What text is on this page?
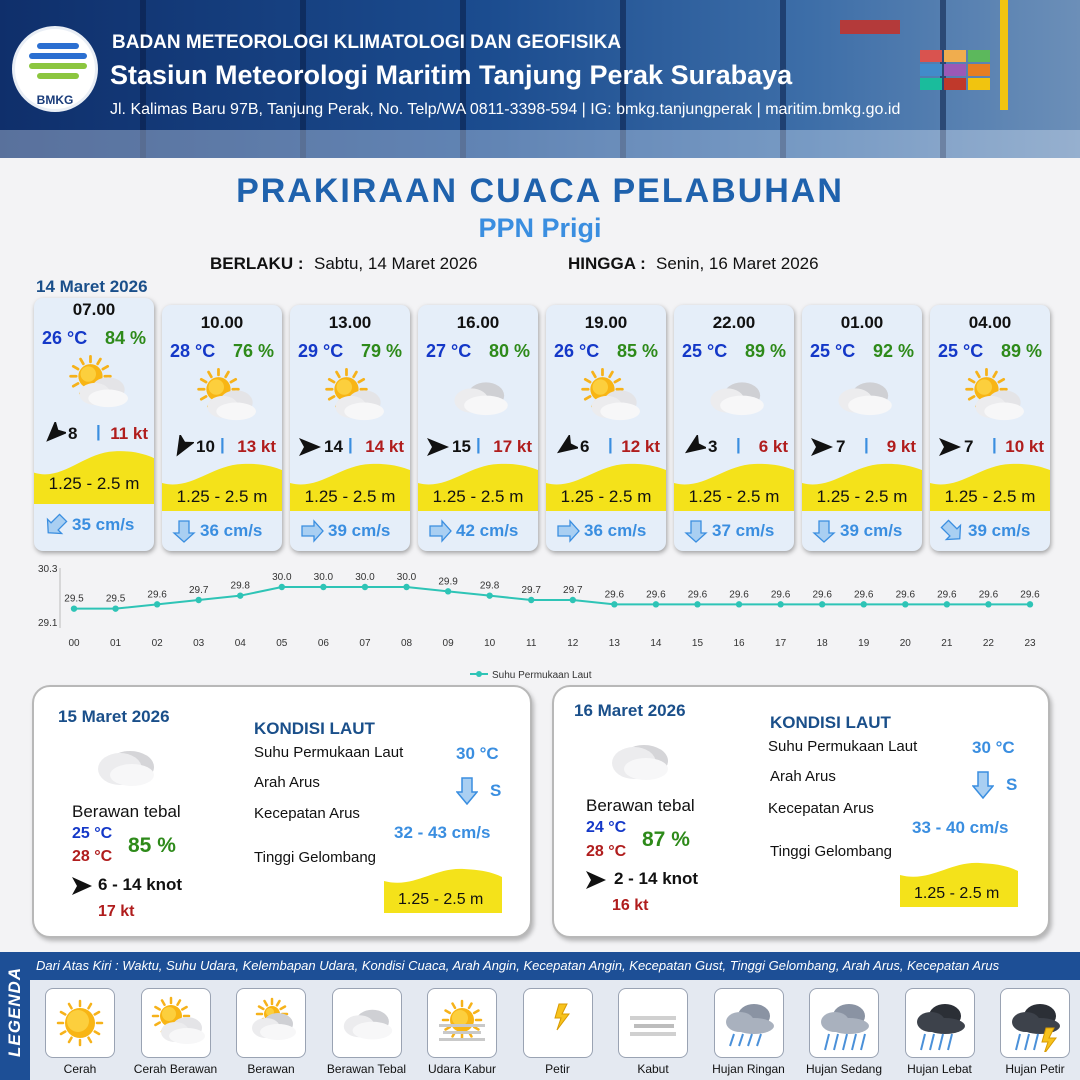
BMKG
BADAN METEOROLOGI KLIMATOLOGI DAN GEOFISIKA
Stasiun Meteorologi Maritim Tanjung Perak Surabaya
Jl. Kalimas Baru 97B, Tanjung Perak, No. Telp/WA 0811-3398-594 | IG: bmkg.tanjungperak | maritim.bmkg.go.id
PRAKIRAAN CUACA PELABUHAN
PPN Prigi
BERLAKU : Sabtu, 14 Maret 2026	HINGGA : Senin, 16 Maret 2026
14 Maret 2026
07.00
26 °C 84 %
8 | 11 kt
1.25 - 2.5 m
35 cm/s
10.00
28 °C 76 %
10 | 13 kt
1.25 - 2.5 m
36 cm/s
13.00
29 °C 79 %
14 | 14 kt
1.25 - 2.5 m
39 cm/s
16.00
27 °C 80 %
15 | 17 kt
1.25 - 2.5 m
42 cm/s
19.00
26 °C 85 %
6 | 12 kt
1.25 - 2.5 m
36 cm/s
22.00
25 °C 89 %
3 | 6 kt
1.25 - 2.5 m
37 cm/s
01.00
25 °C 92 %
7 | 9 kt
1.25 - 2.5 m
39 cm/s
04.00
25 °C 89 %
7 | 10 kt
1.25 - 2.5 m
39 cm/s
30.3
29.1
29.5
00
29.5
01
29.6
02
29.7
03
29.8
04
30.0
05
30.0
06
30.0
07
30.0
08
29.9
09
29.8
10
29.7
11
29.7
12
29.6
13
29.6
14
29.6
15
29.6
16
29.6
17
29.6
18
29.6
19
29.6
20
29.6
21
29.6
22
29.6
23
Suhu Permukaan Laut
15 Maret 2026
Berawan tebal
25 °C
28 °C 85 %
6 - 14 knot
17 kt
KONDISI LAUT
Suhu Permukaan Laut	30 °C
Arah Arus	S
Kecepatan Arus
32 - 43 cm/s
Tinggi Gelombang
1.25 - 2.5 m
16 Maret 2026
Berawan tebal
24 °C
28 °C
87 %
2 - 14 knot
16 kt
KONDISI LAUT
Suhu Permukaan Laut	30 °C
Arah Arus	S
Kecepatan Arus
33 - 40 cm/s
Tinggi Gelombang
1.25 - 2.5 m
LEGENDA
Dari Atas Kiri : Waktu, Suhu Udara, Kelembapan Udara, Kondisi Cuaca, Arah Angin, Kecepatan Angin, Kecepatan Gust, Tinggi Gelombang, Arah Arus, Kecepatan Arus
Cerah	Cerah Berawan	Berawan	Berawan Tebal	Udara Kabur	Petir	Kabut	Hujan Ringan	Hujan Sedang	Hujan Lebat	Hujan Petir
